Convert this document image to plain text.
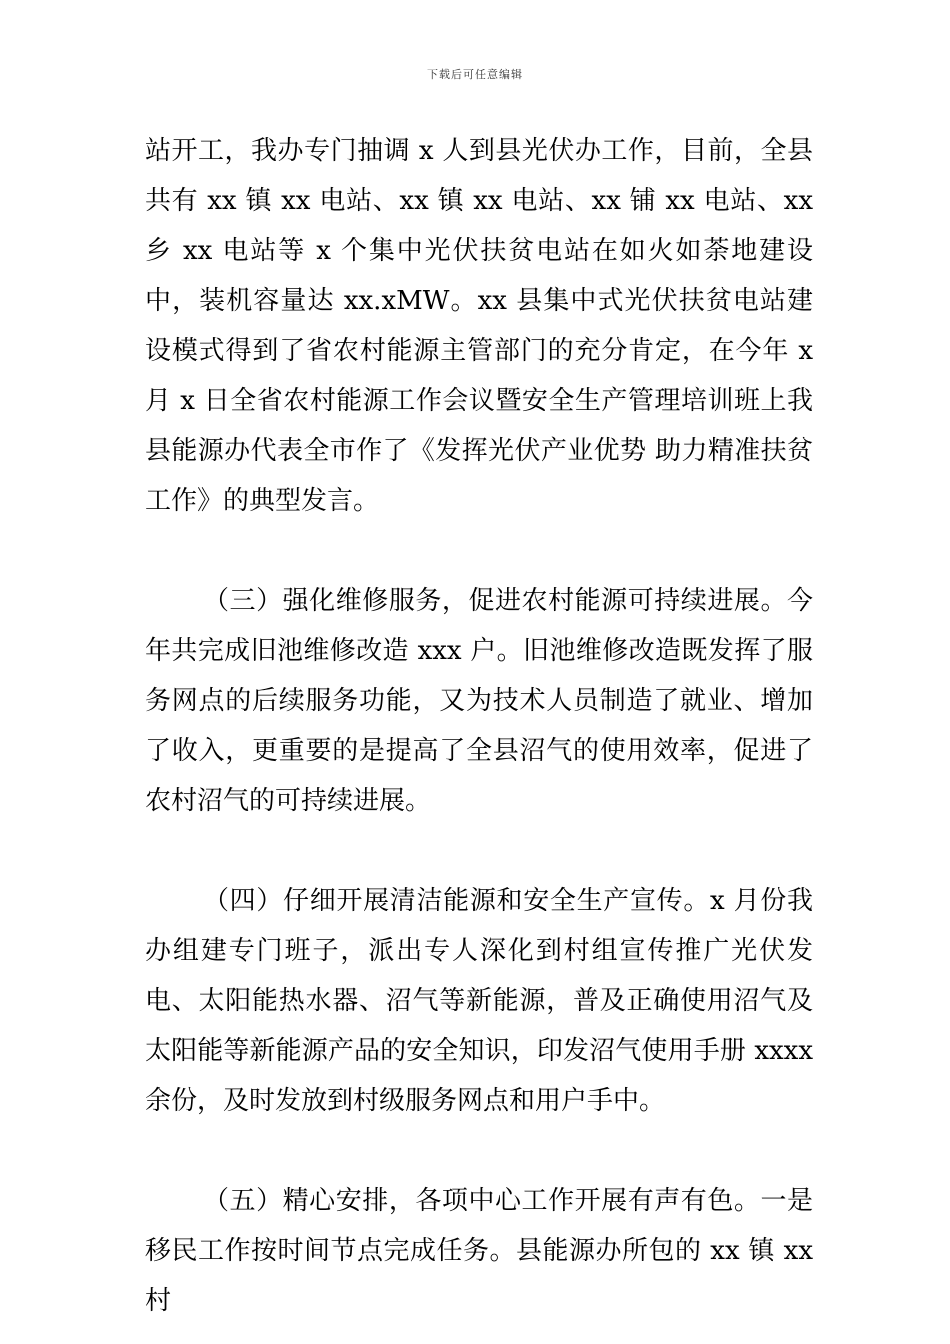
下载后可任意编辑

站开工，我办专门抽调 x 人到县光伏办工作，目前，全县共有 xx 镇 xx 电站、xx 镇 xx 电站、xx 铺 xx 电站、xx 乡 xx 电站等 x 个集中光伏扶贫电站在如火如荼地建设中，装机容量达 xx.xMW。xx 县集中式光伏扶贫电站建设模式得到了省农村能源主管部门的充分肯定，在今年 x 月 x 日全省农村能源工作会议暨安全生产管理培训班上我县能源办代表全市作了《发挥光伏产业优势 助力精准扶贫工作》的典型发言。

（三）强化维修服务，促进农村能源可持续进展。今年共完成旧池维修改造 xxx 户。旧池维修改造既发挥了服务网点的后续服务功能，又为技术人员制造了就业、增加了收入，更重要的是提高了全县沼气的使用效率，促进了农村沼气的可持续进展。

（四）仔细开展清洁能源和安全生产宣传。x 月份我办组建专门班子，派出专人深化到村组宣传推广光伏发电、太阳能热水器、沼气等新能源，普及正确使用沼气及太阳能等新能源产品的安全知识，印发沼气使用手册 xxxx 余份，及时发放到村级服务网点和用户手中。

（五）精心安排，各项中心工作开展有声有色。一是移民工作按时间节点完成任务。县能源办所包的 xx 镇 xx 村
